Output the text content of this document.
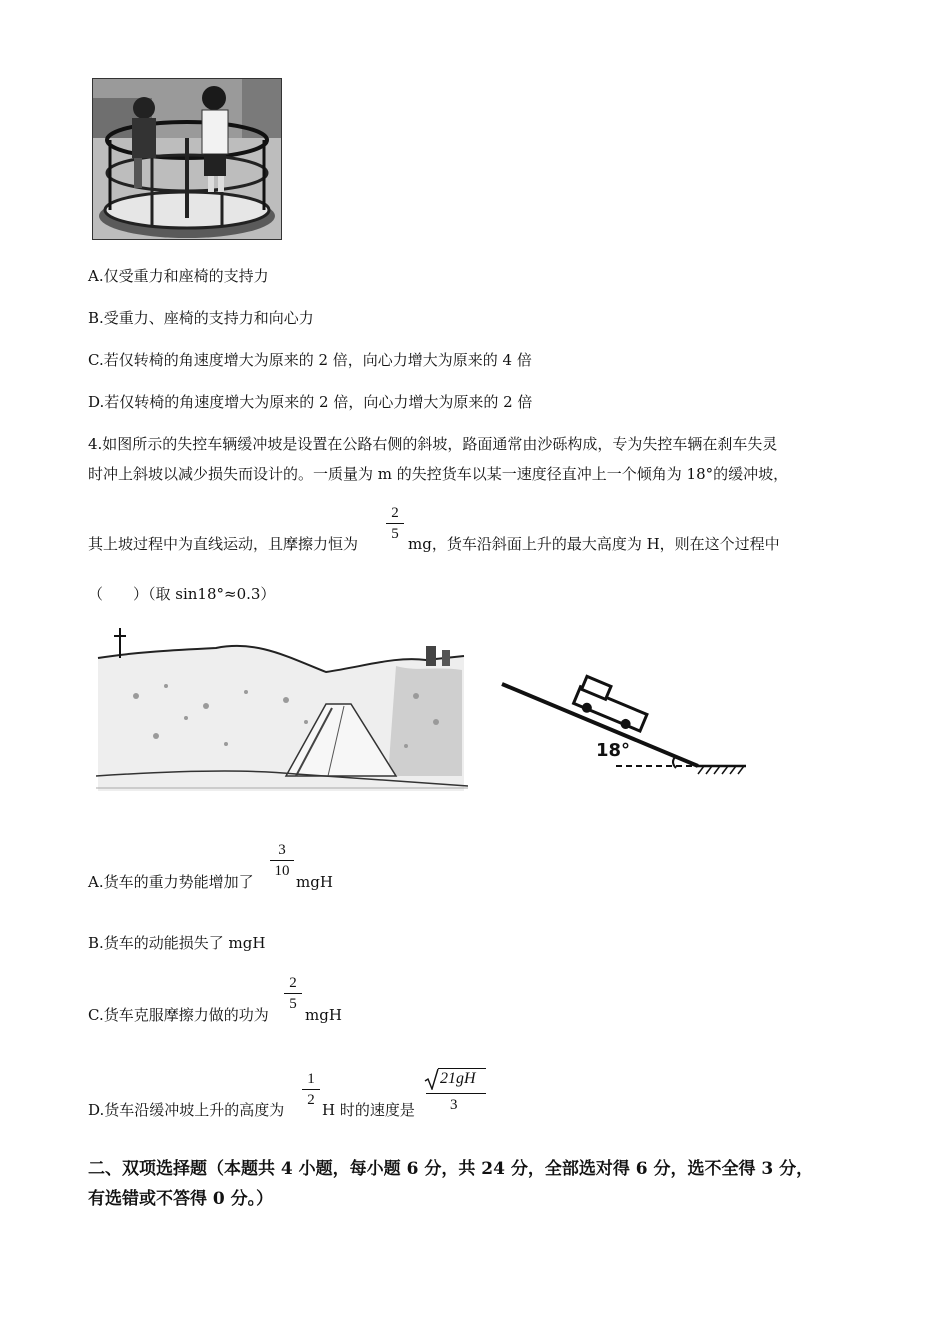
A.仅受重力和座椅的支持力
B.受重力、座椅的支持力和向心力
C.若仅转椅的角速度增大为原来的 2 倍，向心力增大为原来的 4 倍
D.若仅转椅的角速度增大为原来的 2 倍，向心力增大为原来的 2 倍
4.如图所示的失控车辆缓冲坡是设置在公路右侧的斜坡，路面通常由沙砾构成，专为失控车辆在刹车失灵
时冲上斜坡以减少损失而设计的。一质量为 m 的失控货车以某一速度径直冲上一个倾角为 18°的缓冲坡，
其上坡过程中为直线运动，且摩擦力恒为
2
5
mg，货车沿斜面上升的最大高度为 H，则在这个过程中
（　　）（取 sin18°≈0.3）
18°
A.货车的重力势能增加了
3
10
mgH
B.货车的动能损失了 mgH
C.货车克服摩擦力做的功为
2
5
mgH
D.货车沿缓冲坡上升的高度为
1
2
H 时的速度是
21gH
3
二、双项选择题（本题共 4 小题，每小题 6 分，共 24 分，全部选对得 6 分，选不全得 3 分，
有选错或不答得 0 分。）
